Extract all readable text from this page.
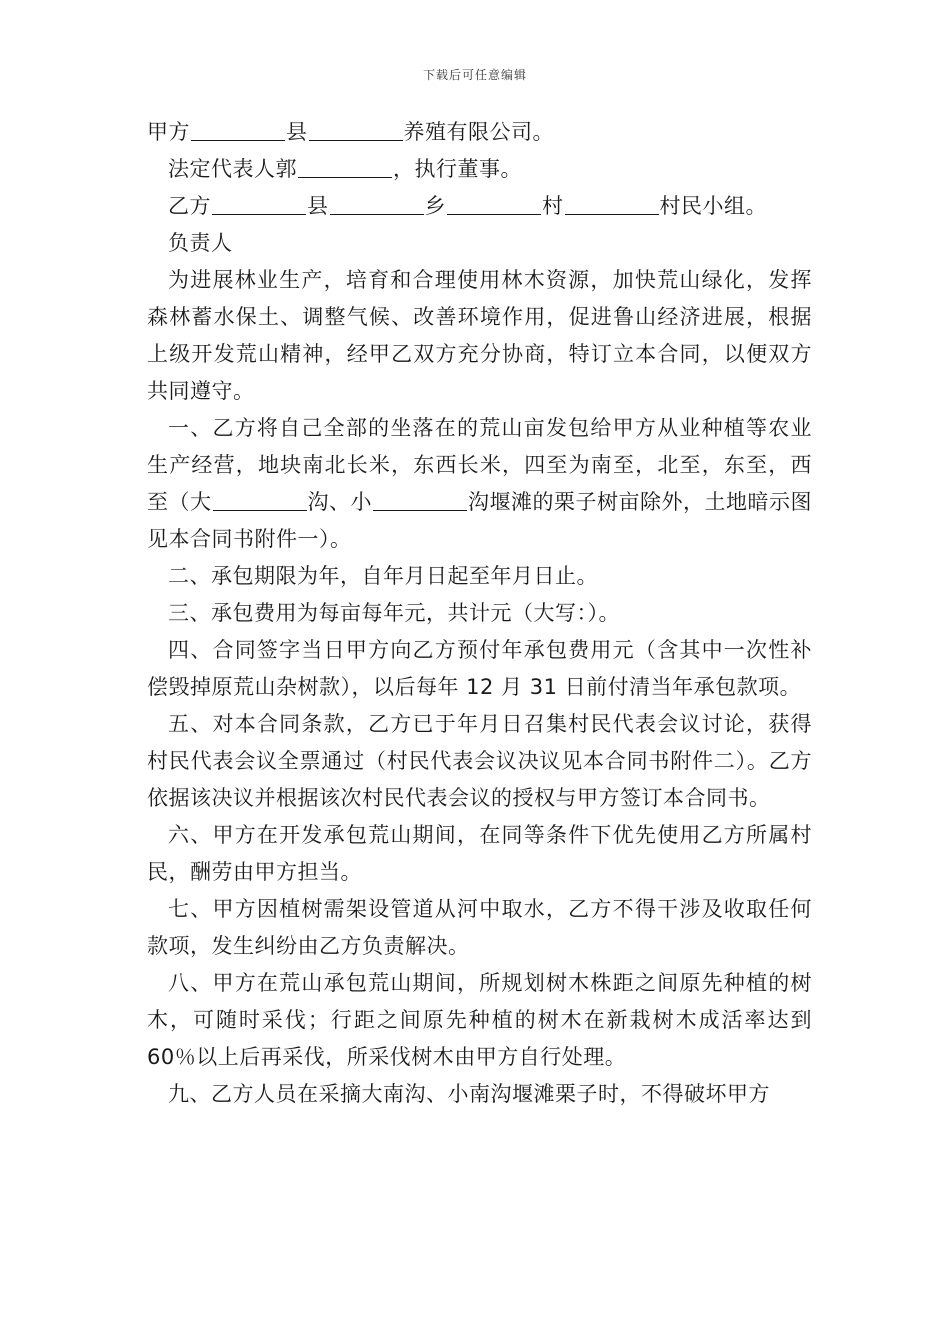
下载后可任意编辑

甲方	县	养殖有限公司。

法定代表人郭	，执行董事。

乙方	县	乡	村	村民小组。

负责人

为进展林业生产，培育和合理使用林木资源，加快荒山绿化，发挥森林蓄水保土、调整气候、改善环境作用，促进鲁山经济进展，根据上级开发荒山精神，经甲乙双方充分协商，特订立本合同，以便双方共同遵守。

一、乙方将自己全部的坐落在的荒山亩发包给甲方从业种植等农业生产经营，地块南北长米，东西长米，四至为南至，北至，东至，西至（大	沟、小	沟堰滩的栗子树亩除外，土地暗示图见本合同书附件一）。

二、承包期限为年，自年月日起至年月日止。

三、承包费用为每亩每年元，共计元（大写：）。

四、合同签字当日甲方向乙方预付年承包费用元（含其中一次性补偿毁掉原荒山杂树款），以后每年 12 月 31 日前付清当年承包款项。

五、对本合同条款，乙方已于年月日召集村民代表会议讨论，获得村民代表会议全票通过（村民代表会议决议见本合同书附件二）。乙方依据该决议并根据该次村民代表会议的授权与甲方签订本合同书。

六、甲方在开发承包荒山期间，在同等条件下优先使用乙方所属村民，酬劳由甲方担当。

七、甲方因植树需架设管道从河中取水，乙方不得干涉及收取任何款项，发生纠纷由乙方负责解决。

八、甲方在荒山承包荒山期间，所规划树木株距之间原先种植的树木，可随时采伐；行距之间原先种植的树木在新栽树木成活率达到 60％以上后再采伐，所采伐树木由甲方自行处理。

九、乙方人员在采摘大南沟、小南沟堰滩栗子时，不得破坏甲方
